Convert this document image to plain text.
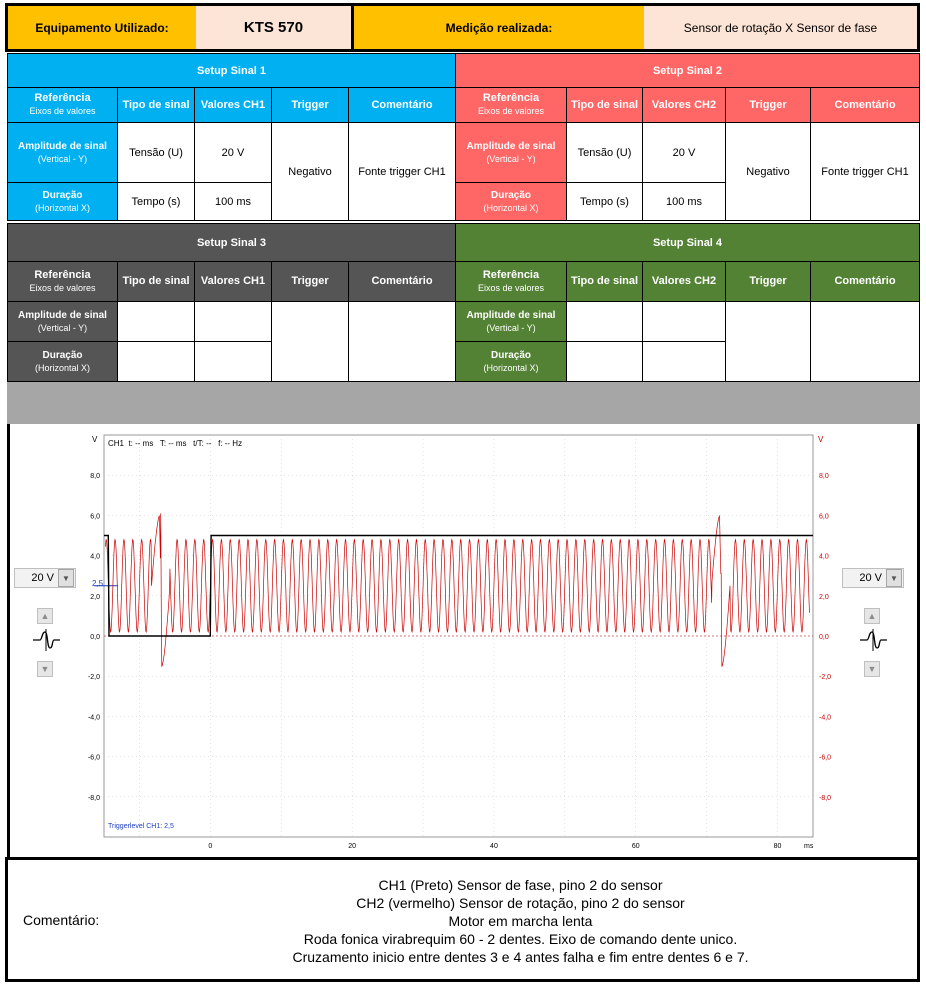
Equipamento Utilizado:	KTS 570	Medição realizada:	Sensor de rotação X Sensor de fase
Setup Sinal 1				
Referência
Eixos de valores	Tipo de sinal	Valores CH1	Trigger	Comentário

Amplitude de sinal
(Vertical - Y)	Tensão (U)	20 V	Negativo	Fonte trigger CH1

Duração
(Horizontal X)	Tempo (s)	100 ms		
Setup Sinal 2				
Referência
Eixos de valores	Tipo de sinal	Valores CH2	Trigger	Comentário

Amplitude de sinal
(Vertical - Y)	Tensão (U)	20 V	Negativo	Fonte trigger CH1

Duração
(Horizontal X)	Tempo (s)	100 ms		
Setup Sinal 3				
Referência
Eixos de valores	Tipo de sinal	Valores CH1	Trigger	Comentário

Amplitude de sinal
(Vertical - Y)				

Duração
(Horizontal X)				

Setup Sinal 4				
Referência
Eixos de valores	Tipo de sinal	Valores CH2	Trigger	Comentário

Amplitude de sinal
(Vertical - Y)				

Duração
(Horizontal X)				

20 V	▼
▲
▼
20 V	▼
▲
▼
8,0	8,0
6,0	6,0
4,0	4,0
2,0	2,0
0,0	0,0
-2,0	-2,0
-4,0	-4,0
-6,0	-6,0
-8,0	-8,0
0	20	40	60	80
V	V
CH1  t: -- ms   T: -- ms   t/T: --   f: -- Hz
2,5
Triggerlevel CH1: 2,5
ms
Comentário:
CH1 (Preto) Sensor de fase, pino 2 do sensor
CH2 (vermelho) Sensor de rotação, pino 2 do sensor
Motor em marcha lenta
Roda fonica virabrequim 60 - 2 dentes. Eixo de comando dente unico.
Cruzamento inicio entre dentes 3 e 4 antes falha e fim entre dentes 6 e 7.
